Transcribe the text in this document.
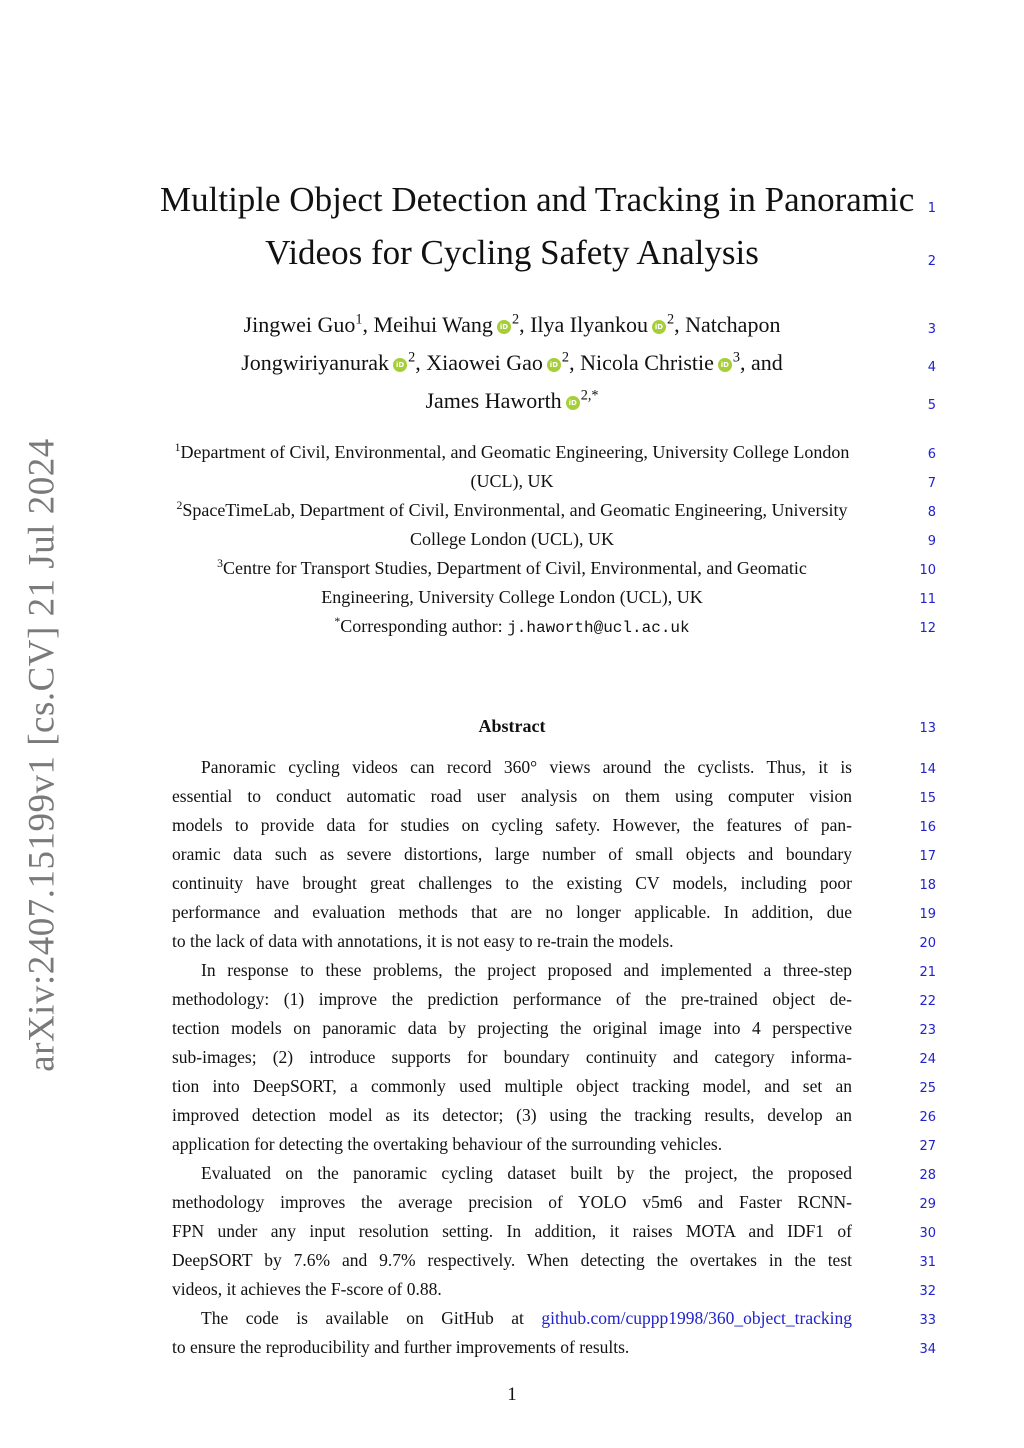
arXiv:2407.15199v1 [cs.CV] 21 Jul 2024
Multiple Object Detection and Tracking in Panoramic
Videos for Cycling Safety Analysis
Jingwei Guo$^1$, Meihui Wang iD $^2$, Ilya Ilyankou iD $^2$, Natchapon
Jongwiriyanurak iD $^2$, Xiaowei Gao iD $^2$, Nicola Christie iD $^3$, and
James Haworth iD $^{2,*}$
$^1$Department of Civil, Environmental, and Geomatic Engineering, University College London
(UCL), UK
$^2$SpaceTimeLab, Department of Civil, Environmental, and Geomatic Engineering, University
College London (UCL), UK
$^3$Centre for Transport Studies, Department of Civil, Environmental, and Geomatic
Engineering, University College London (UCL), UK
*Corresponding author: j.haworth@ucl.ac.uk
Abstract
Panoramic cycling videos can record 360° views around the cyclists. Thus, it is
essential to conduct automatic road user analysis on them using computer vision
models to provide data for studies on cycling safety. However, the features of pan-
oramic data such as severe distortions, large number of small objects and boundary
continuity have brought great challenges to the existing CV models, including poor
performance and evaluation methods that are no longer applicable. In addition, due
to the lack of data with annotations, it is not easy to re-train the models.
In response to these problems, the project proposed and implemented a three-step
methodology: (1) improve the prediction performance of the pre-trained object de-
tection models on panoramic data by projecting the original image into 4 perspective
sub-images; (2) introduce supports for boundary continuity and category informa-
tion into DeepSORT, a commonly used multiple object tracking model, and set an
improved detection model as its detector; (3) using the tracking results, develop an
application for detecting the overtaking behaviour of the surrounding vehicles.
Evaluated on the panoramic cycling dataset built by the project, the proposed
methodology improves the average precision of YOLO v5m6 and Faster RCNN-
FPN under any input resolution setting. In addition, it raises MOTA and IDF1 of
DeepSORT by 7.6% and 9.7% respectively. When detecting the overtakes in the test
videos, it achieves the F-score of 0.88.
The code is available on GitHub at github.com/cuppp1998/360_object_tracking
to ensure the reproducibility and further improvements of results.
1
2
3
4
5
6
7
8
9
10
11
12
13
14
15
16
17
18
19
20
21
22
23
24
25
26
27
28
29
30
31
32
33
34
1
